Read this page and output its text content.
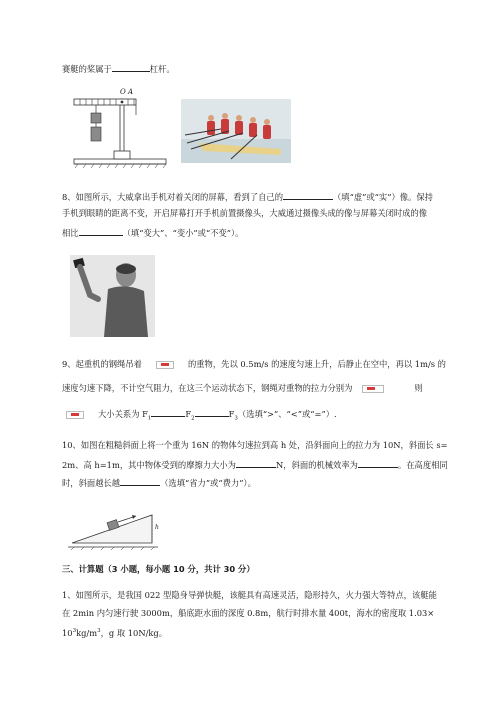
赛艇的桨属于	杠杆。
O A
8、如图所示，大威拿出手机对着关闭的屏幕，看到了自己的	（填“虚”或“实”）像。保持
手机到眼睛的距离不变，开启屏幕打开手机前置摄像头，大威通过摄像头成的像与屏幕关闭时成的像
相比	（填“变大”、“变小”或“不变”）。
9、起重机的钢绳吊着	的重物，先以 0.5m/s 的速度匀速上升，后静止在空中，再以 1m/s 的
速度匀速下降，不计空气阻力，在这三个运动状态下，钢绳对重物的拉力分别为	则
大小关系为 $F_1$	$F_2$	$F_3$（选填“>”、“<”或“=”）.
10、如图在粗糙斜面上将一个重为 16N 的物体匀速拉到高 h 处，沿斜面向上的拉力为 10N，斜面长 s=
2m、高 h=1m，其中物体受到的摩擦力大小为	N，斜面的机械效率为	。在高度相同
时，斜面越长越	（选填“省力”或“费力”）。
h
三、计算题（3 小题，每小题 10 分，共计 30 分）
1、如图所示，是我国 022 型隐身导弹快艇，该艇具有高速灵活，隐形持久，火力强大等特点，该艇能
在 2min 内匀速行驶 3000m，船底距水面的深度 0.8m，航行时排水量 400t，海水的密度取 1.03×
$10^3kg/m^3$，g 取 10N/kg。
